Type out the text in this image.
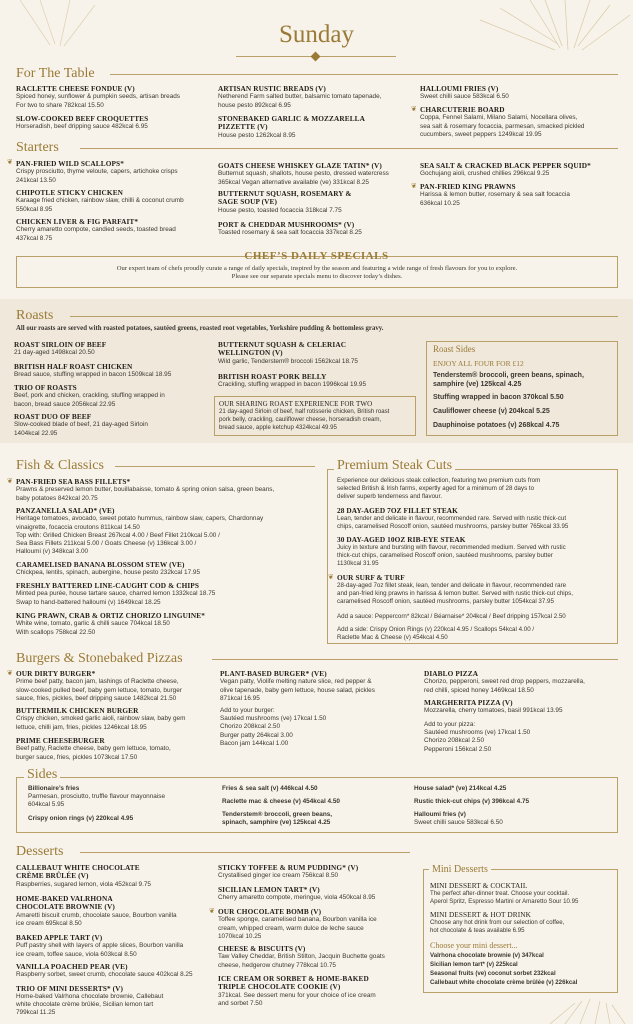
Sunday
For The Table
RACLETTE CHEESE FONDUE (V)
Spiced honey, sunflower & pumpkin seeds, artisan breads
For two to share 782kcal 15.50
SLOW-COOKED BEEF CROQUETTES
Horseradish, beef dripping sauce 482kcal 6.95
ARTISAN RUSTIC BREADS (V)
Netherend Farm salted butter, balsamic tomato tapenade,
house pesto 892kcal 6.95
STONEBAKED GARLIC & MOZZARELLA
PIZZETTE (V)
House pesto 1262kcal 8.95
HALLOUMI FRIES (V)
Sweet chilli sauce 583kcal 6.50
❦ CHARCUTERIE BOARD
Coppa, Fennel Salami, Milano Salami, Nocellara olives,
sea salt & rosemary focaccia, parmesan, smacked pickled
cucumbers, sweet peppers 1249kcal 19.95
Starters
❦ PAN-FRIED WILD SCALLOPS*
Crispy prosciutto, thyme veloute, capers, artichoke crisps
241kcal 13.50
CHIPOTLE STICKY CHICKEN
Karaage fried chicken, rainbow slaw, chilli & coconut crumb
550kcal 8.95
CHICKEN LIVER & FIG PARFAIT*
Cherry amaretto compote, candied seeds, toasted bread
437kcal 8.75
GOATS CHEESE WHISKEY GLAZE TATIN* (V)
Butternut squash, shallots, house pesto, dressed watercress
365kcal Vegan alternative available (ve) 331kcal 8.25
BUTTERNUT SQUASH, ROSEMARY &
SAGE SOUP (VE)
House pesto, toasted focaccia 318kcal 7.75
PORT & CHEDDAR MUSHROOMS* (V)
Toasted rosemary & sea salt focaccia 337kcal 8.25
SEA SALT & CRACKED BLACK PEPPER SQUID*
Gochujang aioli, crushed chillies 296kcal 9.25
❦ PAN-FRIED KING PRAWNS
Harissa & lemon butter, rosemary & sea salt focaccia
636kcal 10.25
CHEF’S DAILY SPECIALS
Our expert team of chefs proudly curate a range of daily specials, inspired by the season and featuring a wide range of fresh flavours for you to explore.
Please see our separate specials menu to discover today’s dishes.
Roasts
All our roasts are served with roasted potatoes, sautéed greens, roasted root vegetables, Yorkshire pudding & bottomless gravy.
ROAST SIRLOIN OF BEEF
21 day-aged 1498kcal 20.50
BRITISH HALF ROAST CHICKEN
Bread sauce, stuffing wrapped in bacon 1509kcal 18.95
TRIO OF ROASTS
Beef, pork and chicken, crackling, stuffing wrapped in
bacon, bread sauce 2056kcal 22.95
ROAST DUO OF BEEF
Slow-cooked blade of beef, 21 day-aged Sirloin
1404kcal 22.95
BUTTERNUT SQUASH & CELERIAC
WELLINGTON (V)
Wild garlic, Tenderstem® broccoli 1562kcal 18.75
BRITISH ROAST PORK BELLY
Crackling, stuffing wrapped in bacon 1996kcal 19.95
OUR SHARING ROAST EXPERIENCE FOR TWO
21 day-aged Sirloin of beef, half rotisserie chicken, British roast
pork belly, crackling, cauliflower cheese, horseradish cream,
bread sauce, apple ketchup 4324kcal 49.95
Roast Sides
ENJOY ALL FOUR FOR £12
Tenderstem® broccoli, green beans, spinach,
samphire (ve) 125kcal 4.25
Stuffing wrapped in bacon 370kcal 5.50
Cauliflower cheese (v) 204kcal 5.25
Dauphinoise potatoes (v) 268kcal 4.75
Fish & Classics
❦ PAN-FRIED SEA BASS FILLETS*
Prawns & preserved lemon butter, bouillabaisse, tomato & spring onion salsa, green beans,
baby potatoes 842kcal 20.75
PANZANELLA SALAD* (VE)
Heritage tomatoes, avocado, sweet potato hummus, rainbow slaw, capers, Chardonnay
vinaigrette, focaccia croutons 811kcal 14.50
Top with: Grilled Chicken Breast 267kcal 4.00 / Beef Fillet 210kcal 5.00 /
Sea Bass Fillets 211kcal 5.00 / Goats Cheese (v) 136kcal 3.00 /
Halloumi (v) 348kcal 3.00
CARAMELISED BANANA BLOSSOM STEW (VE)
Chickpea, lentils, spinach, aubergine, house pesto 232kcal 17.95
FRESHLY BATTERED LINE-CAUGHT COD & CHIPS
Minted pea purée, house tartare sauce, charred lemon 1332kcal 18.75
Swap to hand-battered halloumi (v) 1649kcal 18.25
KING PRAWN, CRAB & ORTIZ CHORIZO LINGUINE*
White wine, tomato, garlic & chilli sauce 704kcal 18.50
With scallops 758kcal 22.50
Premium Steak Cuts
Experience our delicious steak collection, featuring two premium cuts from
selected British & Irish farms, expertly aged for a minimum of 28 days to
deliver superb tenderness and flavour.
28 DAY-AGED 7OZ FILLET STEAK
Lean, tender and delicate in flavour, recommended rare. Served with rustic thick-cut
chips, caramelised Roscoff onion, sautéed mushrooms, parsley butter 765kcal 33.95
30 DAY-AGED 10OZ RIB-EYE STEAK
Juicy in texture and bursting with flavour, recommended medium. Served with rustic
thick-cut chips, caramelised Roscoff onion, sautéed mushrooms, parsley butter
1130kcal 31.95
❦ OUR SURF & TURF
28-day-aged 7oz fillet steak, lean, tender and delicate in flavour, recommended rare
and pan-fried king prawns in harissa & lemon butter. Served with rustic thick-cut chips,
caramelised Roscoff onion, sautéed mushrooms, parsley butter 1054kcal 37.95
Add a sauce: Peppercorn* 82kcal / Béarnaise* 204kcal / Beef dripping 157kcal 2.50
Add a side: Crispy Onion Rings (v) 220kcal 4.95 / Scallops 54kcal 4.00 /
Raclette Mac & Cheese (v) 454kcal 4.50
Burgers & Stonebaked Pizzas
❦ OUR DIRTY BURGER*
Prime beef patty, bacon jam, lashings of Raclette cheese,
slow-cooked pulled beef, baby gem lettuce, tomato, burger
sauce, fries, pickles, beef dripping sauce 1482kcal 21.50
BUTTERMILK CHICKEN BURGER
Crispy chicken, smoked garlic aioli, rainbow slaw, baby gem
lettuce, chilli jam, fries, pickles 1246kcal 18.95
PRIME CHEESEBURGER
Beef patty, Raclette cheese, baby gem lettuce, tomato,
burger sauce, fries, pickles 1073kcal 17.50
PLANT-BASED BURGER* (VE)
Vegan patty, Violife melting nature slice, red pepper &
olive tapenade, baby gem lettuce, house salad, pickles
871kcal 16.95
Add to your burger:
Sautéed mushrooms (ve) 17kcal 1.50
Chorizo 208kcal 2.50
Burger patty 264kcal 3.00
Bacon jam 144kcal 1.00
DIABLO PIZZA
Chorizo, pepperoni, sweet red drop peppers, mozzarella,
red chilli, spiced honey 1469kcal 18.50
MARGHERITA PIZZA (V)
Mozzarella, cherry tomatoes, basil 991kcal 13.95
Add to your pizza:
Sautéed mushrooms (ve) 17kcal 1.50
Chorizo 208kcal 2.50
Pepperoni 156kcal 2.50
Sides
Billionaire’s fries
Parmesan, prosciutto, truffle flavour mayonnaise
604kcal 5.95
Crispy onion rings (v) 220kcal 4.95
Fries & sea salt (v) 446kcal 4.50
Raclette mac & cheese (v) 454kcal 4.50
Tenderstem® broccoli, green beans,
spinach, samphire (ve) 125kcal 4.25
House salad* (ve) 214kcal 4.25
Rustic thick-cut chips (v) 396kcal 4.75
Halloumi fries (v)
Sweet chilli sauce 583kcal 6.50
Desserts
CALLEBAUT WHITE CHOCOLATE
CRÈME BRÛLÉE (V)
Raspberries, sugared lemon, viola 452kcal 9.75
HOME-BAKED VALRHONA
CHOCOLATE BROWNIE (V)
Amaretti biscuit crumb, chocolate sauce, Bourbon vanilla
ice cream 695kcal 8.50
BAKED APPLE TART (V)
Puff pastry shell with layers of apple slices, Bourbon vanilla
ice cream, toffee sauce, viola 603kcal 8.50
VANILLA POACHED PEAR (VE)
Raspberry sorbet, sweet crumb, chocolate sauce 402kcal 8.25
TRIO OF MINI DESSERTS* (V)
Home-baked Valrhona chocolate brownie, Callebaut
white chocolate crème brûlée, Sicilian lemon tart
799kcal 11.25
STICKY TOFFEE & RUM PUDDING* (V)
Crystallised ginger ice cream 756kcal 8.50
SICILIAN LEMON TART* (V)
Cherry amaretto compote, meringue, viola 450kcal 8.95
❦ OUR CHOCOLATE BOMB (V)
Toffee sponge, caramelised banana, Bourbon vanilla ice
cream, whipped cream, warm dulce de leche sauce
1070kcal 10.25
CHEESE & BISCUITS (V)
Taw Valley Cheddar, British Stilton, Jacquin Buchette goats
cheese, hedgerow chutney 778kcal 10.75
ICE CREAM OR SORBET & HOME-BAKED
TRIPLE CHOCOLATE COOKIE (V)
371kcal. See dessert menu for your choice of ice cream
and sorbet 7.50
Mini Desserts
MINI DESSERT & COCKTAIL
The perfect after-dinner treat. Choose your cocktail.
Aperol Spritz, Espresso Martini or Amaretto Sour 10.95
MINI DESSERT & HOT DRINK
Choose any hot drink from our selection of coffee,
hot chocolate & teas available 6.95
Choose your mini dessert...
Valrhona chocolate brownie (v) 347kcal
Sicilian lemon tart* (v) 225kcal
Seasonal fruits (ve) coconut sorbet 232kcal
Callebaut white chocolate crème brûlée (v) 226kcal
